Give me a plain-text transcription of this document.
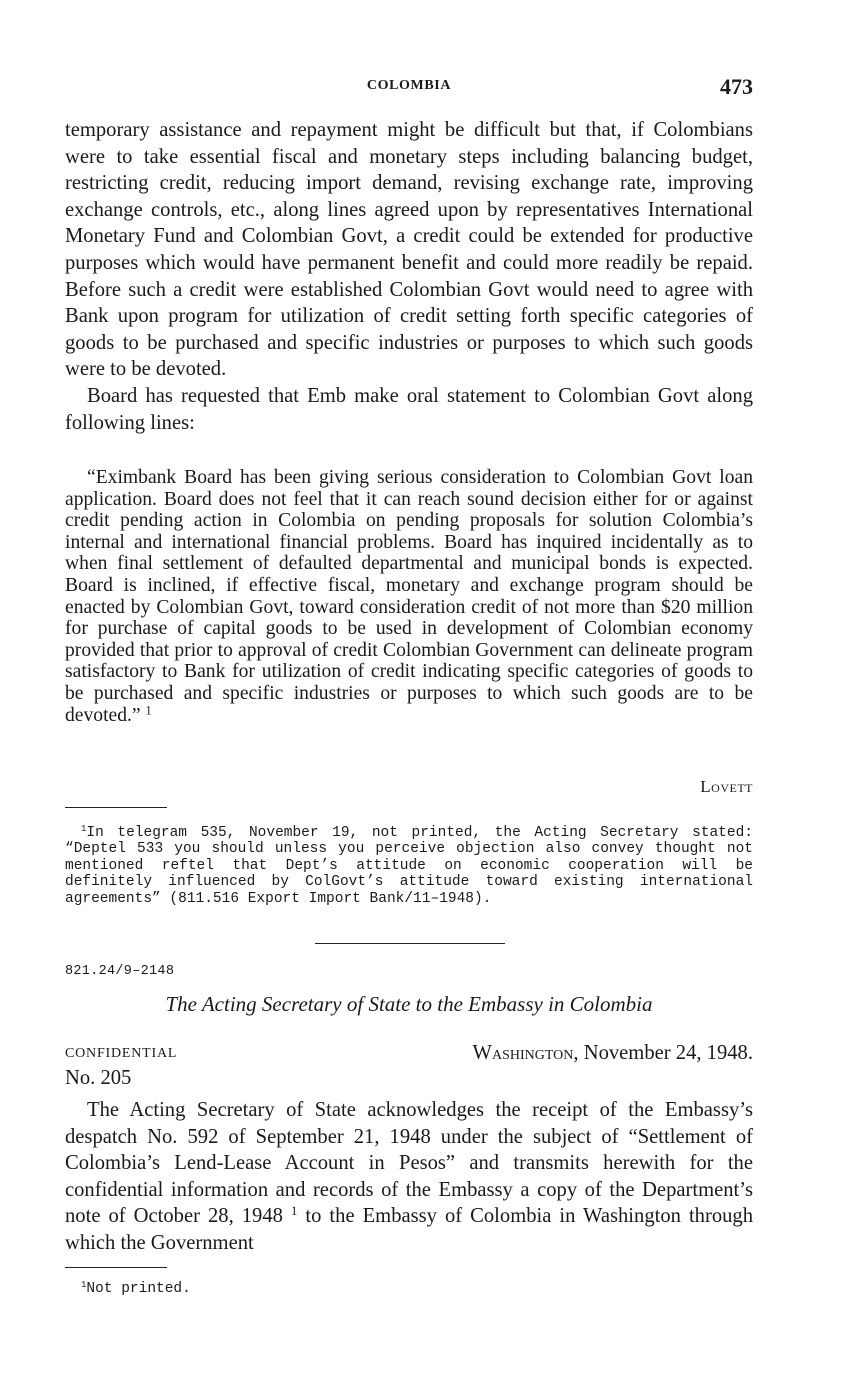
COLOMBIA	473

temporary assistance and repayment might be difficult but that, if Colombians were to take essential fiscal and monetary steps including balancing budget, restricting credit, reducing import demand, revising exchange rate, improving exchange controls, etc., along lines agreed upon by representatives International Monetary Fund and Colombian Govt, a credit could be extended for productive purposes which would have permanent benefit and could more readily be repaid. Before such a credit were established Colombian Govt would need to agree with Bank upon program for utilization of credit setting forth specific categories of goods to be purchased and specific industries or purposes to which such goods were to be devoted.

Board has requested that Emb make oral statement to Colombian Govt along following lines:

“Eximbank Board has been giving serious consideration to Colombian Govt loan application. Board does not feel that it can reach sound decision either for or against credit pending action in Colombia on pending proposals for solution Colombia’s internal and international financial problems. Board has inquired incidentally as to when final settlement of defaulted departmental and municipal bonds is expected. Board is inclined, if effective fiscal, monetary and exchange program should be enacted by Colombian Govt, toward consideration credit of not more than $20 million for purchase of capital goods to be used in development of Colombian economy provided that prior to approval of credit Colombian Government can delineate program satisfactory to Bank for utilization of credit indicating specific categories of goods to be purchased and specific industries or purposes to which such goods are to be devoted.” $^1$

Lovett

$^1$In telegram 535, November 19, not printed, the Acting Secretary stated: “Deptel 533 you should unless you perceive objection also convey thought not mentioned reftel that Dept’s attitude on economic cooperation will be definitely influenced by ColGovt’s attitude toward existing international agreements” (811.516 Export Import Bank/11–1948).

821.24/9–2148
The Acting Secretary of State to the Embassy in Colombia
CONFIDENTIAL	Washington, November 24, 1948.
No. 205

The Acting Secretary of State acknowledges the receipt of the Embassy’s despatch No. 592 of September 21, 1948 under the subject of “Settlement of Colombia’s Lend-Lease Account in Pesos” and transmits herewith for the confidential information and records of the Embassy a copy of the Department’s note of October 28, 1948 $^1$ to the Embassy of Colombia in Washington through which the Government

$^1$Not printed.
